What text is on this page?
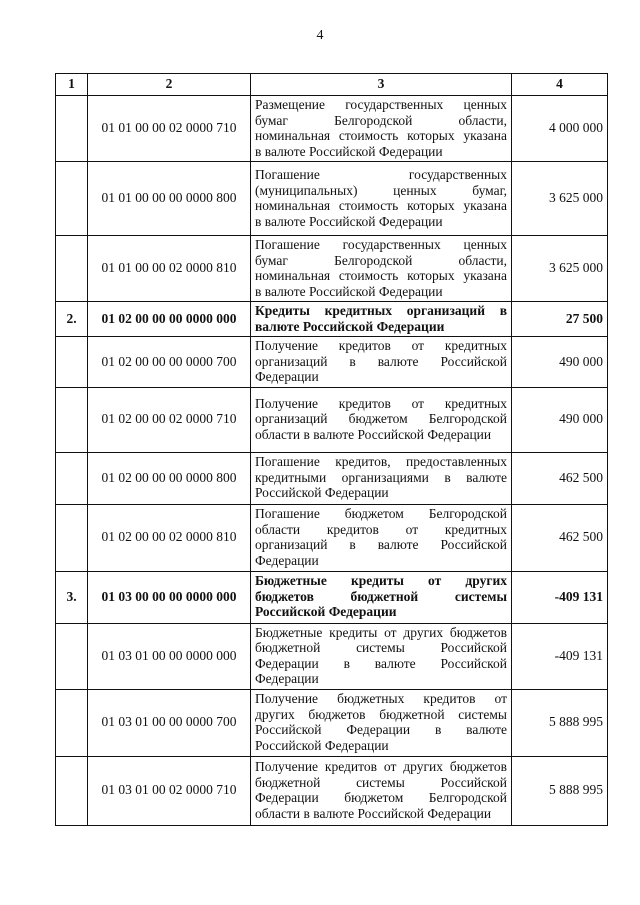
4
1	2	3	4
	01 01 00 00 02 0000 710	Размещение государственных ценных
бумаг Белгородской области,
номинальная стоимость которых указана
в валюте Российской Федерации	4 000 000
	01 01 00 00 00 0000 800	Погашение государственных
(муниципальных) ценных бумаг,
номинальная стоимость которых указана
в валюте Российской Федерации	3 625 000
	01 01 00 00 02 0000 810	Погашение государственных ценных
бумаг Белгородской области,
номинальная стоимость которых указана
в валюте Российской Федерации	3 625 000
2.	01 02 00 00 00 0000 000	Кредиты кредитных организаций в
валюте Российской Федерации	27 500
	01 02 00 00 00 0000 700	Получение кредитов от кредитных
организаций в валюте Российской
Федерации	490 000
	01 02 00 00 02 0000 710	Получение кредитов от кредитных
организаций бюджетом Белгородской
области в валюте Российской Федерации	490 000
	01 02 00 00 00 0000 800	Погашение кредитов, предоставленных
кредитными организациями в валюте
Российской Федерации	462 500
	01 02 00 00 02 0000 810	Погашение бюджетом Белгородской
области кредитов от кредитных
организаций в валюте Российской
Федерации	462 500
3.	01 03 00 00 00 0000 000	Бюджетные кредиты от других
бюджетов бюджетной системы
Российской Федерации	-409 131
	01 03 01 00 00 0000 000	Бюджетные кредиты от других бюджетов
бюджетной системы Российской
Федерации в валюте Российской
Федерации	-409 131
	01 03 01 00 00 0000 700	Получение бюджетных кредитов от
других бюджетов бюджетной системы
Российской Федерации в валюте
Российской Федерации	5 888 995
	01 03 01 00 02 0000 710	Получение кредитов от других бюджетов
бюджетной системы Российской
Федерации бюджетом Белгородской
области в валюте Российской Федерации	5 888 995
